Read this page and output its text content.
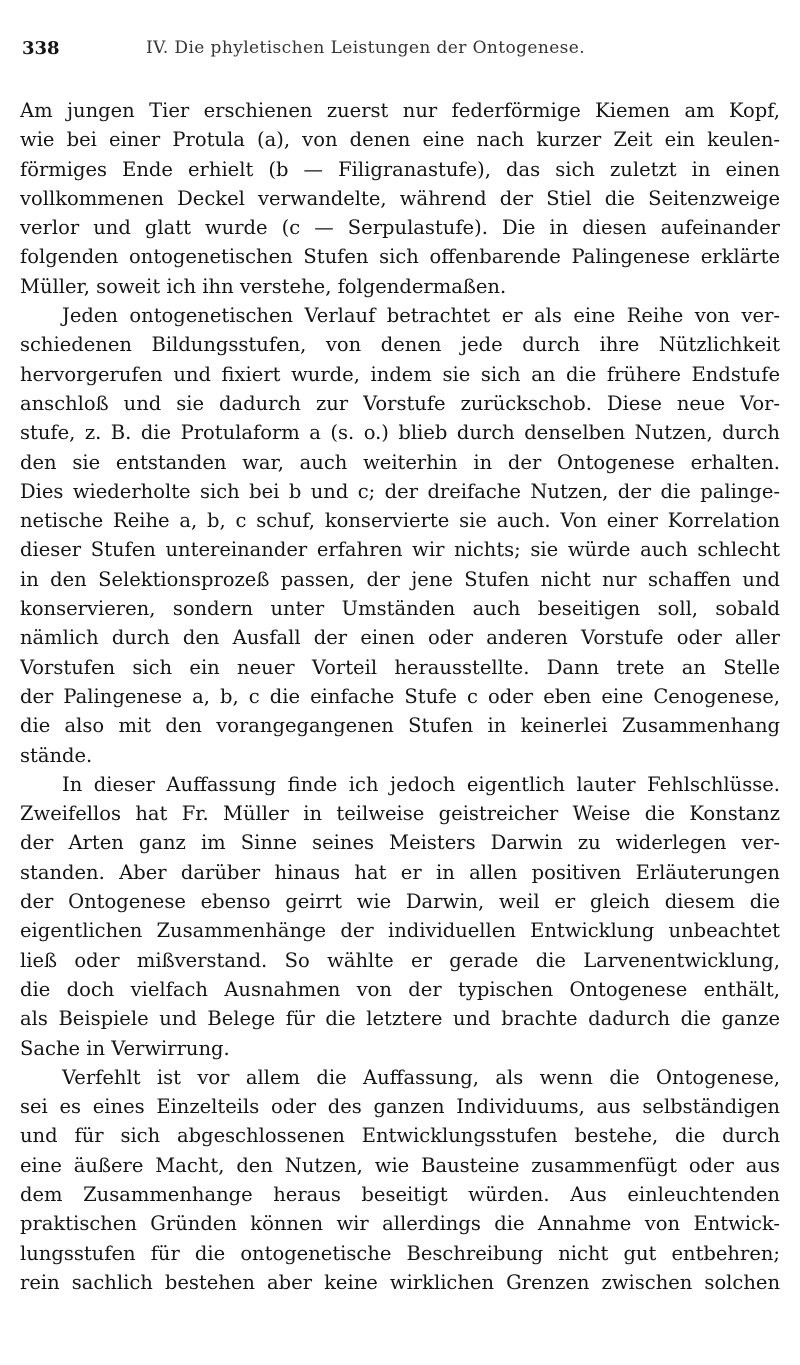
338	IV. Die phyletischen Leistungen der Ontogenese.
Am jungen Tier erschienen zuerst nur federförmige Kiemen am Kopf,
wie bei einer Protula (a), von denen eine nach kurzer Zeit ein keulen-
förmiges Ende erhielt (b — Filigranastufe), das sich zuletzt in einen
vollkommenen Deckel verwandelte, während der Stiel die Seitenzweige
verlor und glatt wurde (c — Serpulastufe). Die in diesen aufeinander
folgenden ontogenetischen Stufen sich offenbarende Palingenese erklärte
Müller, soweit ich ihn verstehe, folgendermaßen.
Jeden ontogenetischen Verlauf betrachtet er als eine Reihe von ver-
schiedenen Bildungsstufen, von denen jede durch ihre Nützlichkeit
hervorgerufen und fixiert wurde, indem sie sich an die frühere Endstufe
anschloß und sie dadurch zur Vorstufe zurückschob. Diese neue Vor-
stufe, z. B. die Protulaform a (s. o.) blieb durch denselben Nutzen, durch
den sie entstanden war, auch weiterhin in der Ontogenese erhalten.
Dies wiederholte sich bei b und c; der dreifache Nutzen, der die palinge-
netische Reihe a, b, c schuf, konservierte sie auch. Von einer Korrelation
dieser Stufen untereinander erfahren wir nichts; sie würde auch schlecht
in den Selektionsprozeß passen, der jene Stufen nicht nur schaffen und
konservieren, sondern unter Umständen auch beseitigen soll, sobald
nämlich durch den Ausfall der einen oder anderen Vorstufe oder aller
Vorstufen sich ein neuer Vorteil herausstellte. Dann trete an Stelle
der Palingenese a, b, c die einfache Stufe c oder eben eine Cenogenese,
die also mit den vorangegangenen Stufen in keinerlei Zusammenhang
stände.
In dieser Auffassung finde ich jedoch eigentlich lauter Fehlschlüsse.
Zweifellos hat Fr. Müller in teilweise geistreicher Weise die Konstanz
der Arten ganz im Sinne seines Meisters Darwin zu widerlegen ver-
standen. Aber darüber hinaus hat er in allen positiven Erläuterungen
der Ontogenese ebenso geirrt wie Darwin, weil er gleich diesem die
eigentlichen Zusammenhänge der individuellen Entwicklung unbeachtet
ließ oder mißverstand. So wählte er gerade die Larvenentwicklung,
die doch vielfach Ausnahmen von der typischen Ontogenese enthält,
als Beispiele und Belege für die letztere und brachte dadurch die ganze
Sache in Verwirrung.
Verfehlt ist vor allem die Auffassung, als wenn die Ontogenese,
sei es eines Einzelteils oder des ganzen Individuums, aus selbständigen
und für sich abgeschlossenen Entwicklungsstufen bestehe, die durch
eine äußere Macht, den Nutzen, wie Bausteine zusammenfügt oder aus
dem Zusammenhange heraus beseitigt würden. Aus einleuchtenden
praktischen Gründen können wir allerdings die Annahme von Entwick-
lungsstufen für die ontogenetische Beschreibung nicht gut entbehren;
rein sachlich bestehen aber keine wirklichen Grenzen zwischen solchen
